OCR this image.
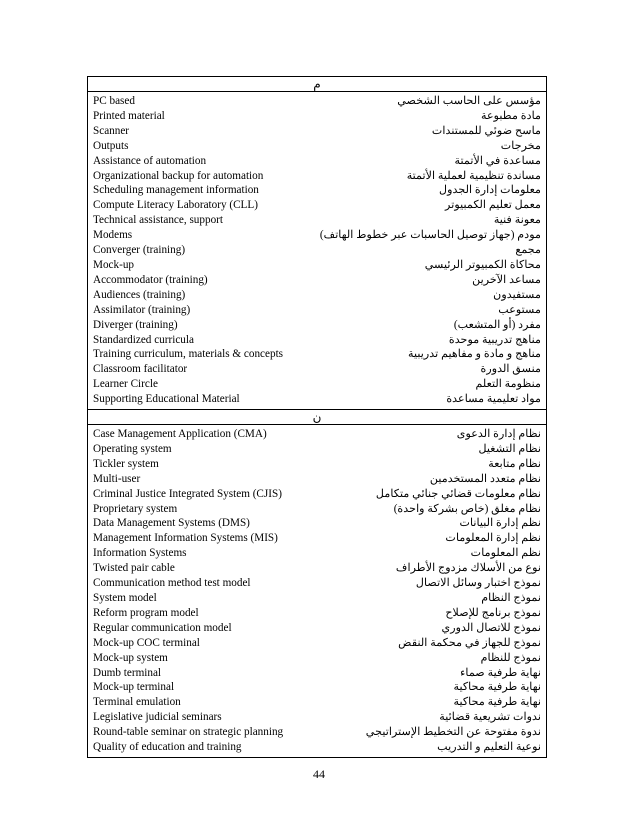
م

PC based	مؤسس على الحاسب الشخصي
Printed material	مادة مطبوعة
Scanner	ماسح ضوئي للمستندات
Outputs	مخرجات
Assistance of automation	مساعدة في الأتمتة
Organizational backup for automation	مساندة تنظيمية لعملية الأتمتة
Scheduling management information	معلومات إدارة الجدول
Compute Literacy Laboratory (CLL)	معمل تعليم الكمبيوتر
Technical assistance, support	معونة فنية
Modems	مودم (جهاز توصيل الحاسبات عبر خطوط الهاتف)
Converger (training)	مجمع
Mock-up	محاكاة الكمبيوتر الرئيسي
Accommodator (training)	مساعد الآخرين
Audiences (training)	مستفيدون
Assimilator (training)	مستوعب
Diverger (training)	مفرد (أو المتشعب)
Standardized curricula	مناهج تدريبية موحدة
Training curriculum, materials & concepts	مناهج و مادة و مفاهيم تدريبية
Classroom facilitator	منسق الدورة
Learner Circle	منظومة التعلم
Supporting Educational Material	مواد تعليمية مساعدة

ن

Case Management Application (CMA)	نظام إدارة الدعوى
Operating system	نظام التشغيل
Tickler system	نظام متابعة
Multi-user	نظام متعدد المستخدمين
Criminal Justice Integrated System (CJIS)	نظام معلومات قضائي جنائي متكامل
Proprietary system	نظام مغلق (خاص بشركة واحدة)
Data Management Systems (DMS)	نظم إدارة البيانات
Management Information Systems (MIS)	نظم إدارة المعلومات
Information Systems	نظم المعلومات
Twisted pair cable	نوع من الأسلاك مزدوج الأطراف
Communication method test model	نموذج اختبار وسائل الاتصال
System model	نموذج النظام
Reform program model	نموذج برنامج للإصلاح
Regular communication model	نموذج للاتصال الدوري
Mock-up COC terminal	نموذج للجهاز في محكمة النقض
Mock-up system	نموذج للنظام
Dumb terminal	نهاية طرفية صماء
Mock-up terminal	نهاية طرفية محاكية
Terminal emulation	نهاية طرفية محاكية
Legislative judicial seminars	ندوات تشريعية قضائية
Round-table seminar on strategic planning	ندوة مفتوحة عن التخطيط الإستراتيجي
Quality of education and training	نوعية التعليم و التدريب
44
